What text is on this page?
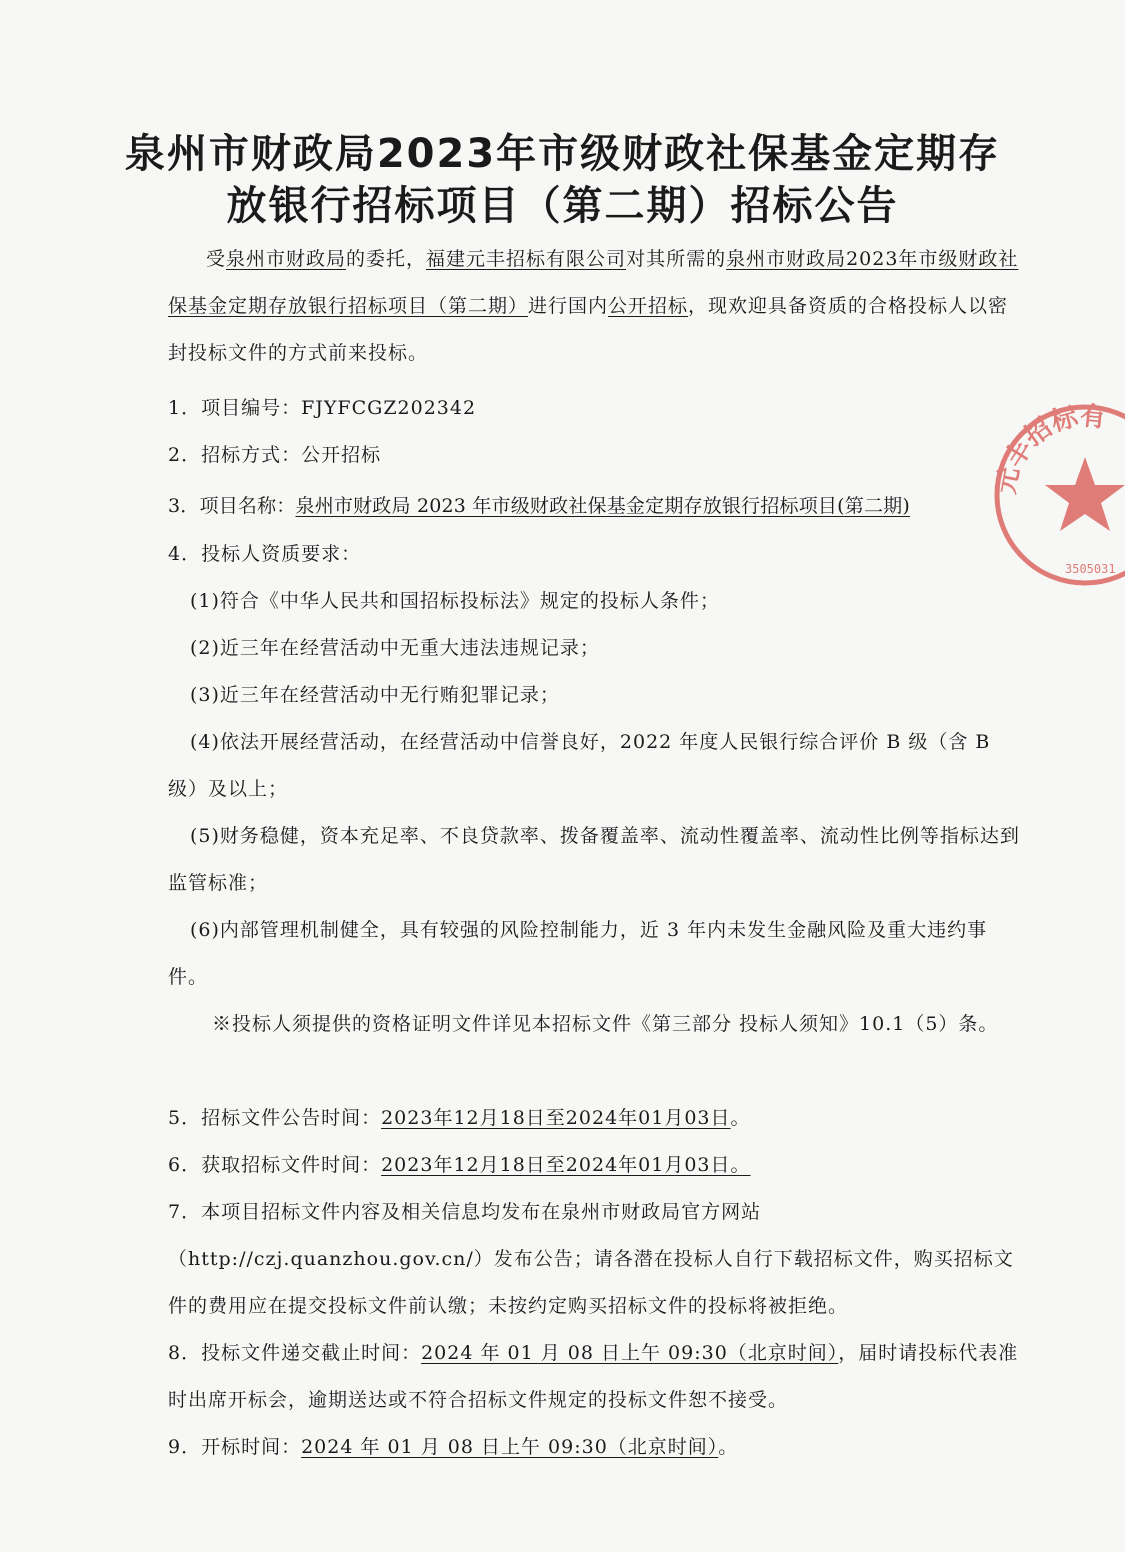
泉州市财政局2023年市级财政社保基金定期存
放银行招标项目（第二期）招标公告
受泉州市财政局的委托，福建元丰招标有限公司对其所需的泉州市财政局2023年市级财政社保基金定期存放银行招标项目（第二期）进行国内公开招标，现欢迎具备资质的合格投标人以密封投标文件的方式前来投标。
1．项目编号：FJYFCGZ202342
2．招标方式：公开招标
3．项目名称：泉州市财政局 2023 年市级财政社保基金定期存放银行招标项目(第二期)
4．投标人资质要求：
(1)符合《中华人民共和国招标投标法》规定的投标人条件；
(2)近三年在经营活动中无重大违法违规记录；
(3)近三年在经营活动中无行贿犯罪记录；
(4)依法开展经营活动，在经营活动中信誉良好，2022 年度人民银行综合评价 B 级（含 B 级）及以上；
(5)财务稳健，资本充足率、不良贷款率、拨备覆盖率、流动性覆盖率、流动性比例等指标达到监管标准；
(6)内部管理机制健全，具有较强的风险控制能力，近 3 年内未发生金融风险及重大违约事件。
※投标人须提供的资格证明文件详见本招标文件《第三部分 投标人须知》10.1（5）条。
5．招标文件公告时间：2023年12月18日至2024年01月03日。
6．获取招标文件时间：2023年12月18日至2024年01月03日。
7．本项目招标文件内容及相关信息均发布在泉州市财政局官方网站（http://czj.quanzhou.gov.cn/）发布公告；请各潜在投标人自行下载招标文件，购买招标文件的费用应在提交投标文件前认缴；未按约定购买招标文件的投标将被拒绝。
8．投标文件递交截止时间：2024 年 01 月 08 日上午 09:30（北京时间），届时请投标代表准时出席开标会，逾期送达或不符合招标文件规定的投标文件恕不接受。
9．开标时间：2024 年 01 月 08 日上午 09:30（北京时间）。
元丰招标有
3505031
